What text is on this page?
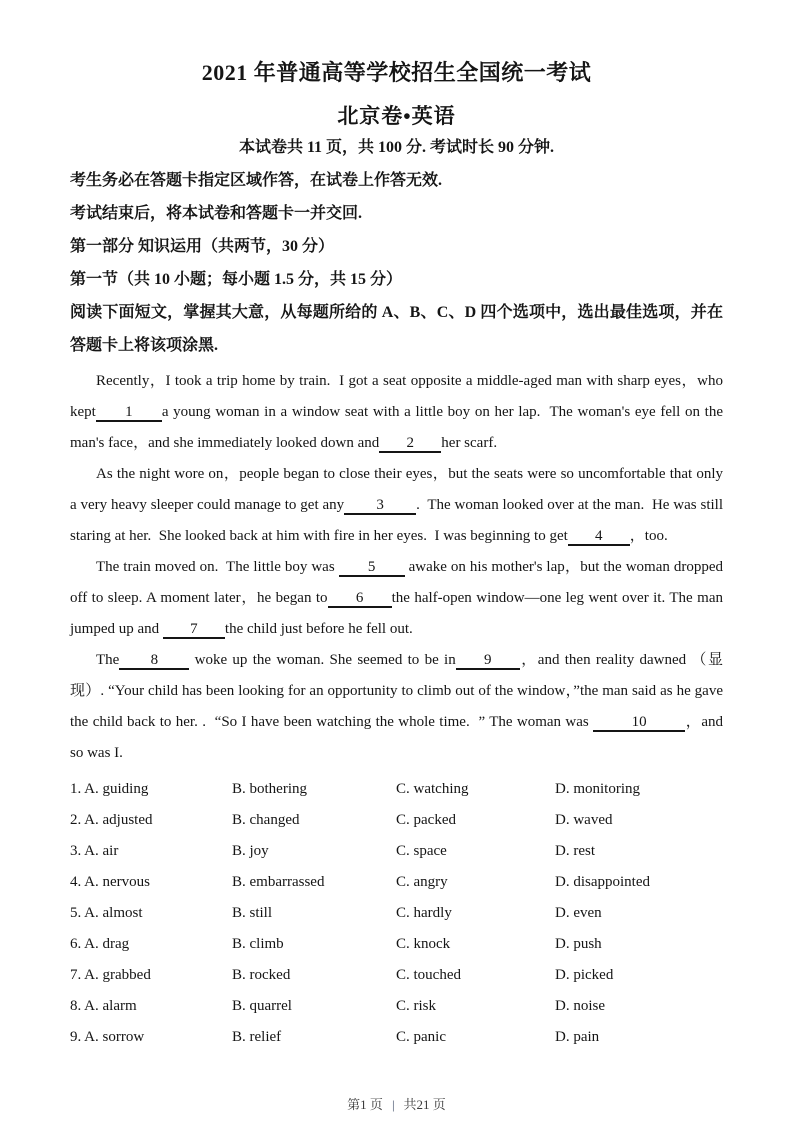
2021 年普通高等学校招生全国统一考试
北京卷•英语
本试卷共 11 页，共 100 分. 考试时长 90 分钟.
考生务必在答题卡指定区域作答，在试卷上作答无效.
考试结束后，将本试卷和答题卡一并交回.
第一部分 知识运用（共两节，30 分）
第一节（共 10 小题；每小题 1.5 分，共 15 分）
阅读下面短文，掌握其大意，从每题所给的 A、B、C、D 四个选项中，选出最佳选项，并在答题卡上将该项涂黑.

Recently，I took a trip home by train.  I got a seat opposite a middle-aged man with sharp eyes，who kept 1 a young woman in a window seat with a little boy on her lap.  The woman's eye fell on the man's face，and she immediately looked down and 2 her scarf.

As the night wore on，people began to close their eyes，but the seats were so uncomfortable that only a very heavy sleeper could manage to get any 3 .  The woman looked over at the man.  He was still staring at her.  She looked back at him with fire in her eyes.  I was beginning to get 4 ，too.

The train moved on.  The little boy was 5 awake on his mother's lap，but the woman dropped off to sleep. A moment later，he began to 6 the half-open window—one leg went over it. The man jumped up and 7 the child just before he fell out.

The 8 woke up the woman. She seemed to be in 9 ，and then reality dawned （显现）. “Your child has been looking for an opportunity to climb out of the window，”the man said as he gave the child back to her. .  “So I have been watching the whole time.  ” The woman was	10	，and so was I.

1. A. guiding	B. bothering	C. watching	D. monitoring
2. A. adjusted	B. changed	C. packed	D. waved
3. A. air	B. joy	C. space	D. rest
4. A. nervous	B. embarrassed	C. angry	D. disappointed
5. A. almost	B. still	C. hardly	D. even
6. A. drag	B. climb	C. knock	D. push
7. A. grabbed	B. rocked	C. touched	D. picked
8. A. alarm	B. quarrel	C. risk	D. noise
9. A. sorrow	B. relief	C. panic	D. pain
第1 页 | 共21 页
